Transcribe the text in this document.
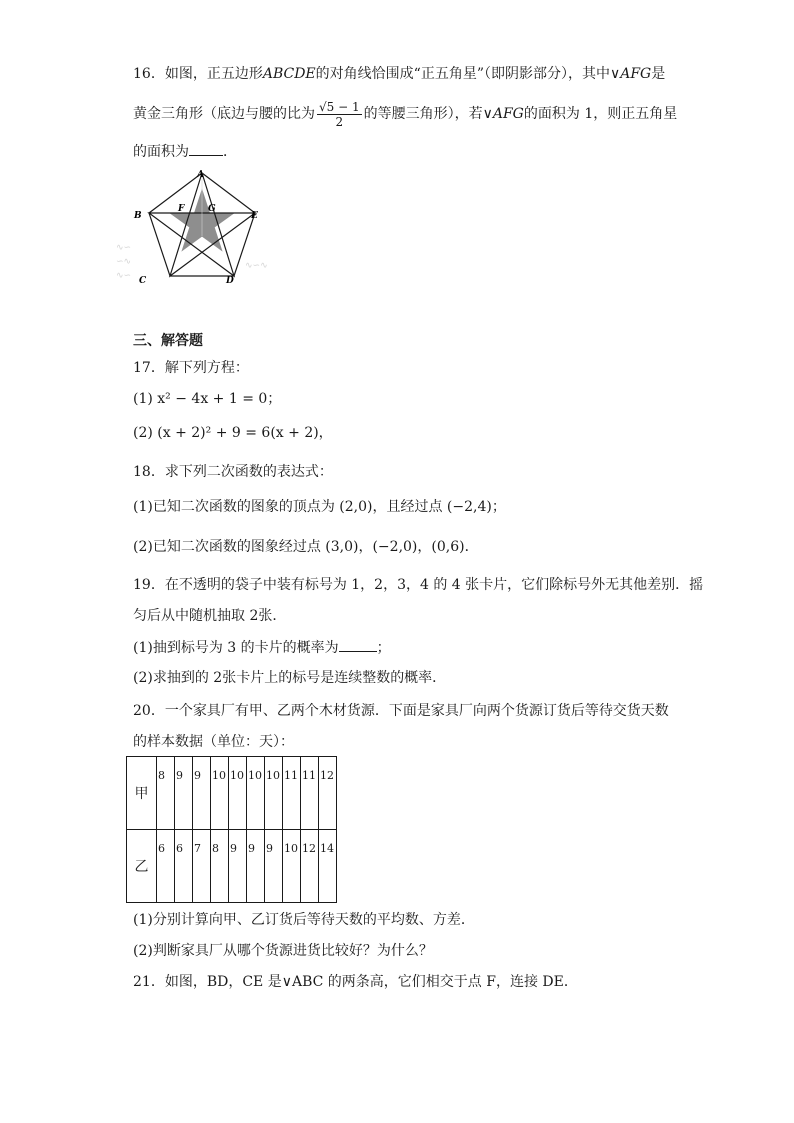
16．如图，正五边形ABCDE的对角线恰围成“正五角星”（即阴影部分），其中∨AFG是
黄金三角形（底边与腰的比为 $\frac{√5 - 1}{2}$ 的等腰三角形），若∨AFG的面积为 1，则正五角星
的面积为 ．
∿∽
∽∿
∿∽
∿∽∿
A
B
C	D
E
F	G
三、解答题
17．解下列方程：
(1) x² − 4x + 1 = 0；
(2) (x + 2)² + 9 = 6(x + 2)，
18．求下列二次函数的表达式：
(1)已知二次函数的图象的顶点为 (2,0)，且经过点 (−2,4)；
(2)已知二次函数的图象经过点 (3,0)，(−2,0)，(0,6)．
19．在不透明的袋子中装有标号为 1，2，3，4 的 4 张卡片，它们除标号外无其他差别．摇
匀后从中随机抽取 2张．
(1)抽到标号为 3 的卡片的概率为	；
(2)求抽到的 2张卡片上的标号是连续整数的概率．
20．一个家具厂有甲、乙两个木材货源．下面是家具厂向两个货源订货后等待交货天数
的样本数据（单位：天）：
甲	8	9	9	10	10	10	10	11	11	12

乙	6	6	7	8	9	9	9	10	12	14
(1)分别计算向甲、乙订货后等待天数的平均数、方差．
(2)判断家具厂从哪个货源进货比较好？为什么？
21．如图，BD，CE 是∨ABC 的两条高，它们相交于点 F，连接 DE．
